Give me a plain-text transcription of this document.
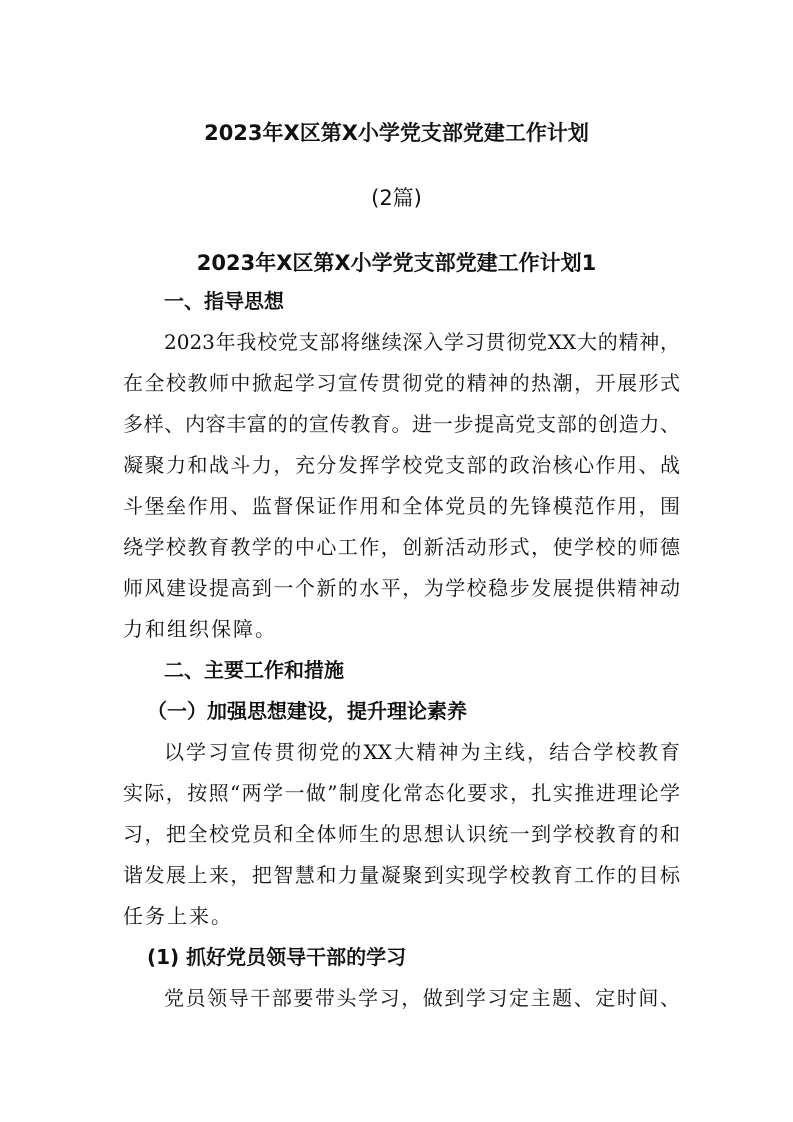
2023年X区第X小学党支部党建工作计划
(2篇)
2023年X区第X小学党支部党建工作计划1
一、指导思想
2023年我校党支部将继续深入学习贯彻党XX大的精神，
在全校教师中掀起学习宣传贯彻党的精神的热潮，开展形式
多样、内容丰富的的宣传教育。进一步提高党支部的创造力、
凝聚力和战斗力，充分发挥学校党支部的政治核心作用、战
斗堡垒作用、监督保证作用和全体党员的先锋模范作用，围
绕学校教育教学的中心工作，创新活动形式，使学校的师德
师风建设提高到一个新的水平，为学校稳步发展提供精神动
力和组织保障。
二、主要工作和措施
（一）加强思想建设，提升理论素养
以学习宣传贯彻党的XX大精神为主线，结合学校教育
实际，按照“两学一做”制度化常态化要求，扎实推进理论学
习，把全校党员和全体师生的思想认识统一到学校教育的和
谐发展上来，把智慧和力量凝聚到实现学校教育工作的目标
任务上来。
(1) 抓好党员领导干部的学习
党员领导干部要带头学习，做到学习定主题、定时间、
